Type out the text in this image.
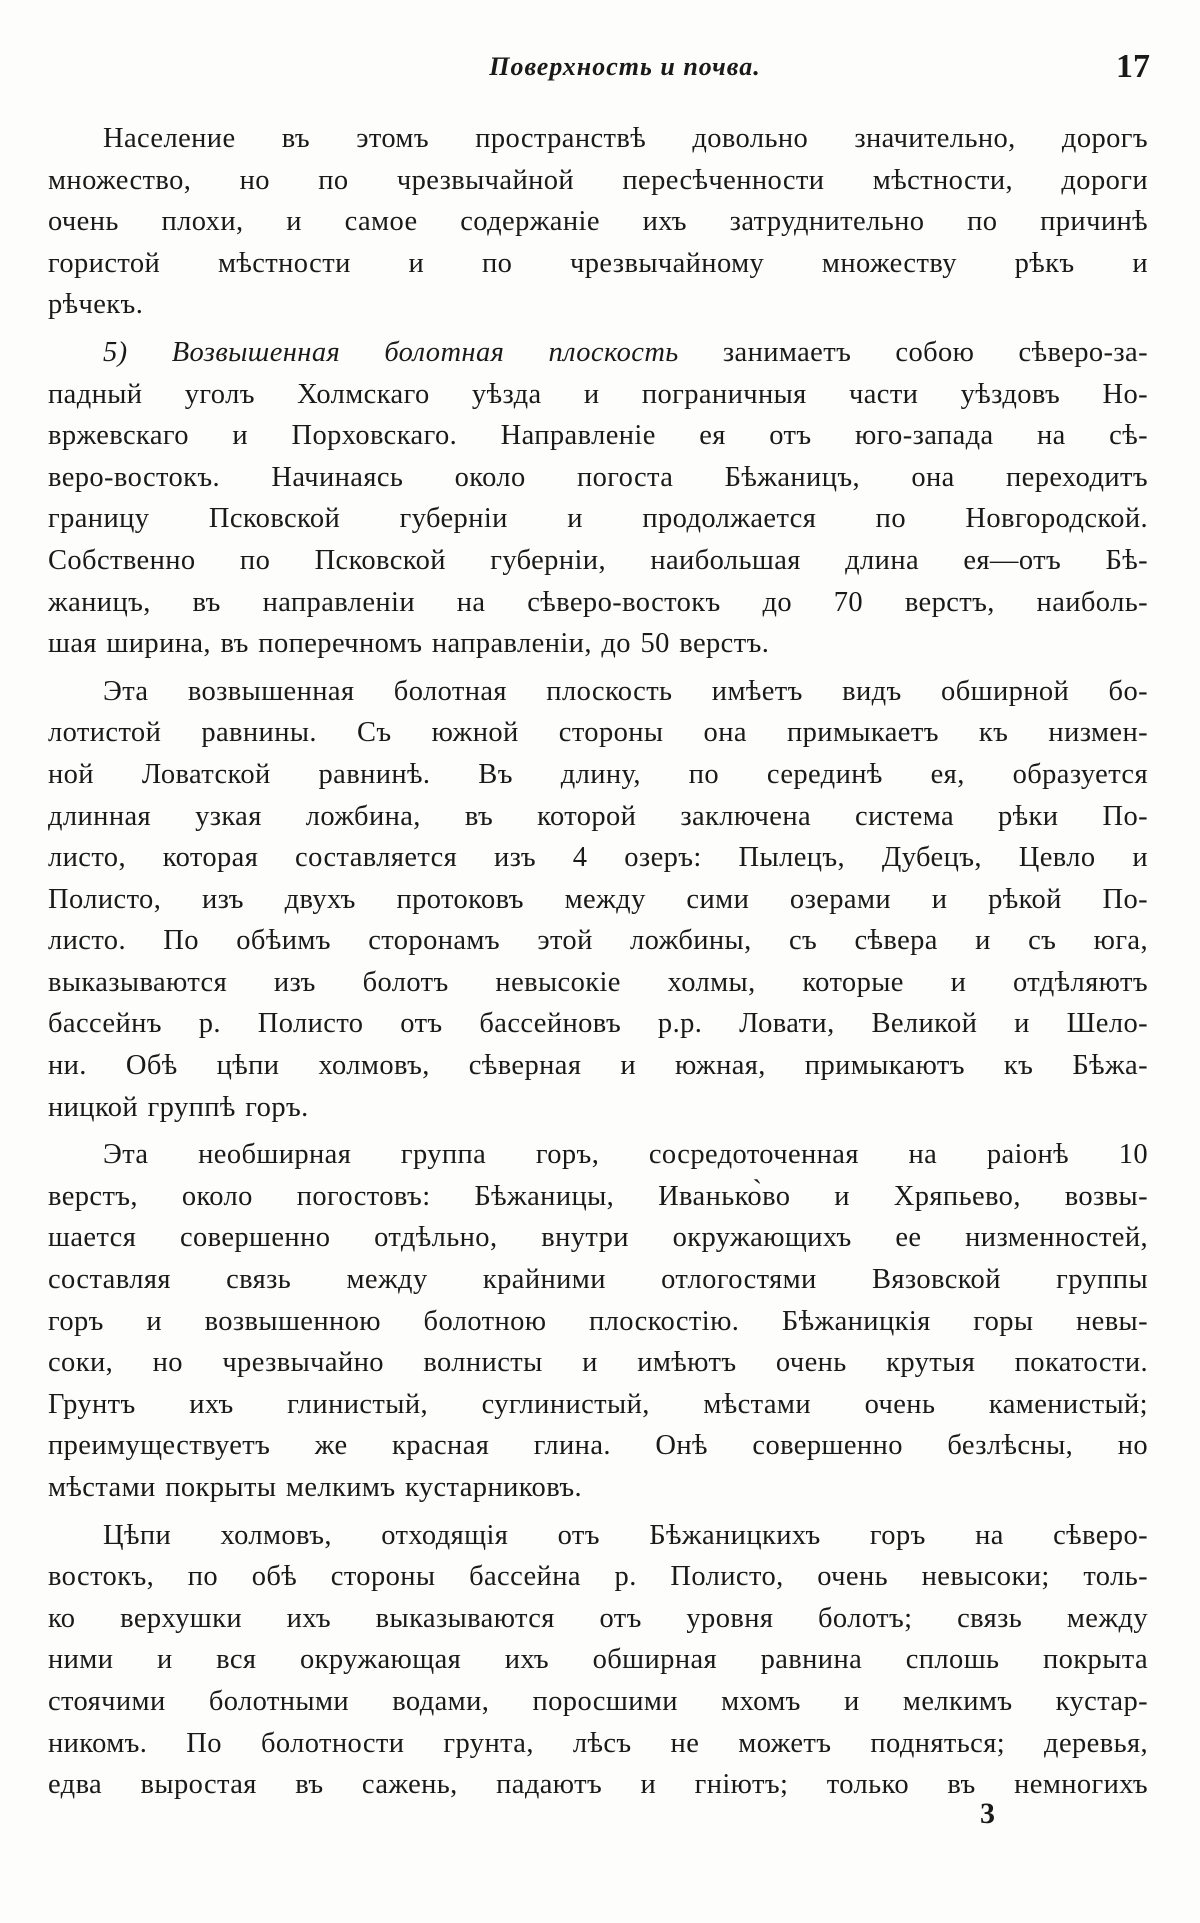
Поверхность и почва.	17
Население въ этомъ пространствѣ довольно значительно, дорогъ
множество, но по чрезвычайной пересѣченности мѣстности, дороги
очень плохи, и самое содержаніе ихъ затруднительно по причинѣ
гористой мѣстности и по чрезвычайному множеству рѣкъ и
рѣчекъ.
5) Возвышенная болотная плоскость занимаетъ собою сѣверо-за-
падный уголъ Холмскаго уѣзда и пограничныя части уѣздовъ Но-
вржевскаго и Порховскаго. Направленіе ея отъ юго-запада на сѣ-
веро-востокъ. Начинаясь около погоста Бѣжаницъ, она переходитъ
границу Псковской губерніи и продолжается по Новгородской.
Собственно по Псковской губерніи, наибольшая длина ея—отъ Бѣ-
жаницъ, въ направленіи на сѣверо-востокъ до 70 верстъ, наиболь-
шая ширина, въ поперечномъ направленіи, до 50 верстъ.
Эта возвышенная болотная плоскость имѣетъ видъ обширной бо-
лотистой равнины. Съ южной стороны она примыкаетъ къ низмен-
ной Ловатской равнинѣ. Въ длину, по серединѣ ея, образуется
длинная узкая ложбина, въ которой заключена система рѣки По-
листо, которая составляется изъ 4 озеръ: Пылецъ, Дубецъ, Цевло и
Полисто, изъ двухъ протоковъ между сими озерами и рѣкой По-
листо. По обѣимъ сторонамъ этой ложбины, съ сѣвера и съ юга,
выказываются изъ болотъ невысокіе холмы, которые и отдѣляютъ
бассейнъ р. Полисто отъ бассейновъ р.р. Ловати, Великой и Шело-
ни. Обѣ цѣпи холмовъ, сѣверная и южная, примыкаютъ къ Бѣжа-
ницкой группѣ горъ.
Эта необширная группа горъ, сосредоточенная на раіонѣ 10
верстъ, около погостовъ: Бѣжаницы, Иванько̀во и Хряпьево, возвы-
шается совершенно отдѣльно, внутри окружающихъ ее низменностей,
составляя связь между крайними отлогостями Вязовской группы
горъ и возвышенною болотною плоскостію. Бѣжаницкія горы невы-
соки, но чрезвычайно волнисты и имѣютъ очень крутыя покатости.
Грунтъ ихъ глинистый, суглинистый, мѣстами очень каменистый;
преимуществуетъ же красная глина. Онѣ совершенно безлѣсны, но
мѣстами покрыты мелкимъ кустарниковъ.
Цѣпи холмовъ, отходящія отъ Бѣжаницкихъ горъ на сѣверо-
востокъ, по обѣ стороны бассейна р. Полисто, очень невысоки; толь-
ко верхушки ихъ выказываются отъ уровня болотъ; связь между
ними и вся окружающая ихъ обширная равнина сплошь покрыта
стоячими болотными водами, поросшими мхомъ и мелкимъ кустар-
никомъ. По болотности грунта, лѣсъ не можетъ подняться; деревья,
едва выростая въ сажень, падаютъ и гніютъ; только въ немногихъ
3
